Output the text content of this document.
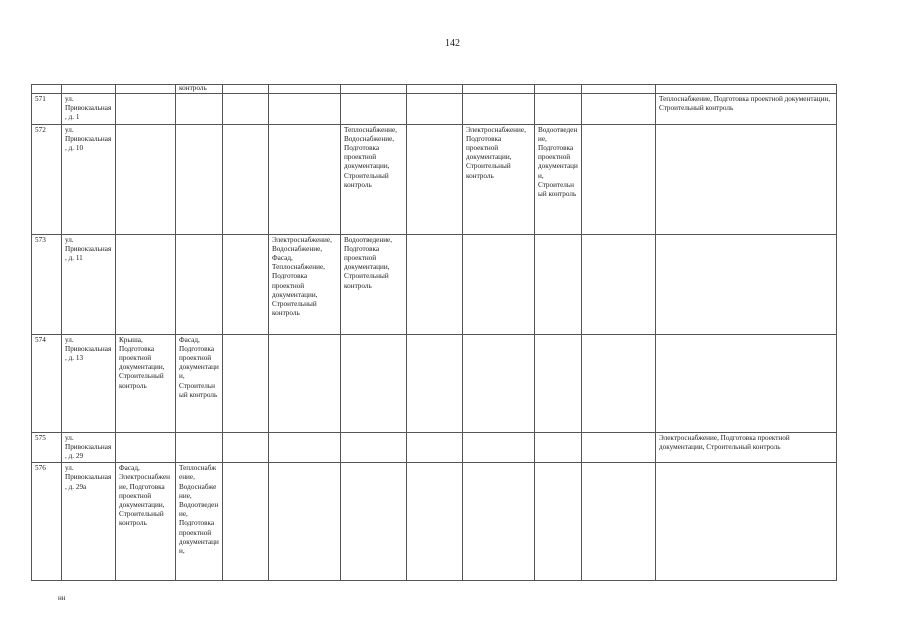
142
			контроль								
571	ул. Привокзальная, д. 1										Теплоснабжение, Подготовка проектной документации, Строительный контроль
572	ул. Привокзальная, д. 10					Теплоснабжение, Водоснабжение, Подготовка проектной документации, Строительный контроль		Электроснабжение, Подготовка проектной документации, Строительный контроль	Водоотведение, Подготовка проектной документации, Строительный контроль		
573	ул. Привокзальная, д. 11				Электроснабжение, Водоснабжение, Фасад, Теплоснабжение, Подготовка проектной документации, Строительный контроль	Водоотведение, Подготовка проектной документации, Строительный контроль					
574	ул. Привокзальная, д. 13	Крыша, Подготовка проектной документации, Строительный контроль	Фасад, Подготовка проектной документации, Строительный контроль								
575	ул. Привокзальная, д. 29										Электроснабжение, Подготовка проектной документации, Строительный контроль
576	ул. Привокзальная, д. 29а	Фасад, Электроснабжение, Подготовка проектной документации, Строительный контроль	Теплоснабжение, Водоснабжение, Водоотведение, Подготовка проектной документации,								
нн
